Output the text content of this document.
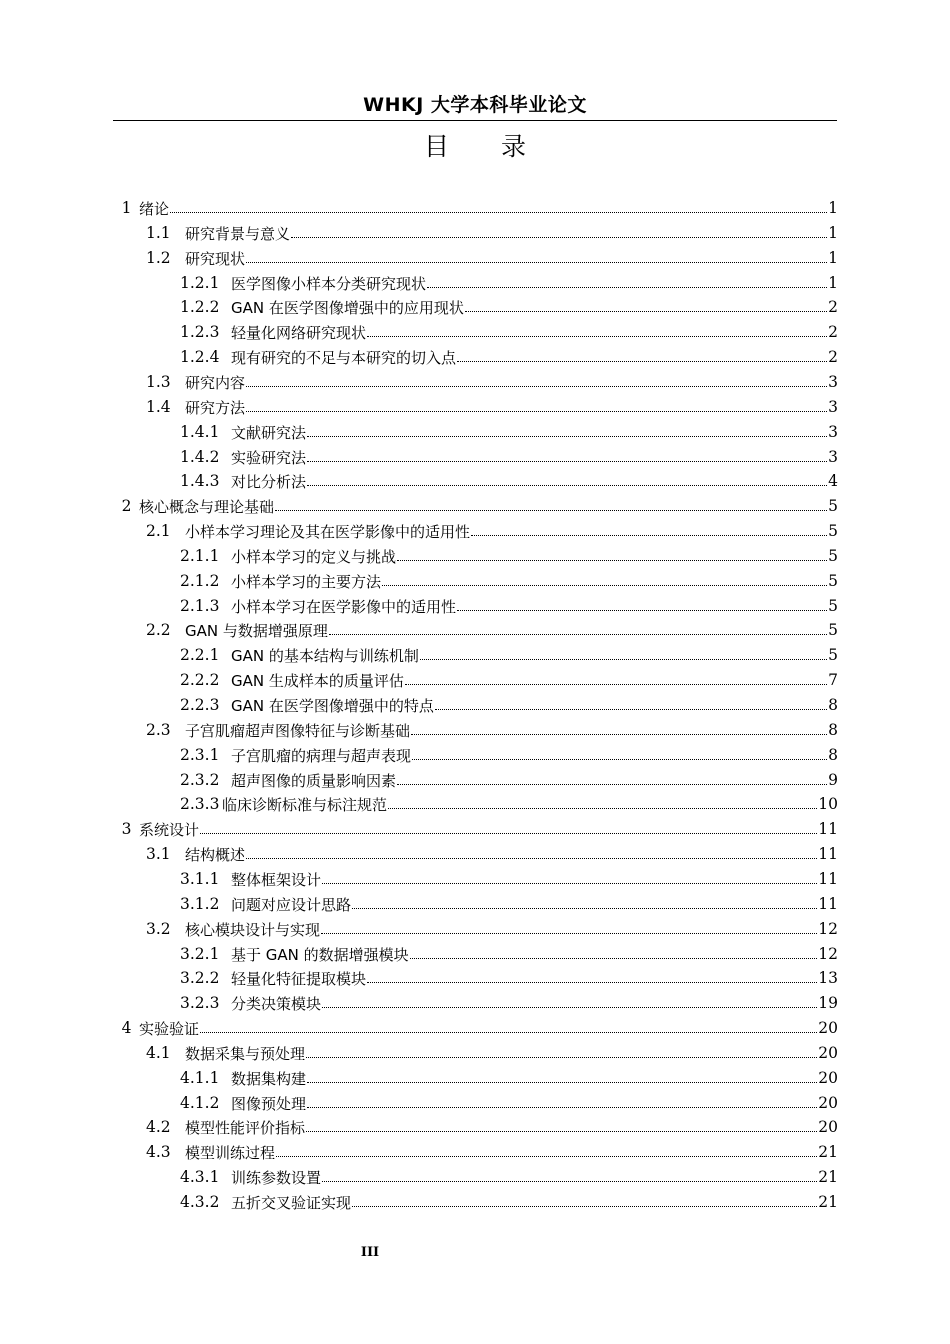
WHKJ 大学本科毕业论文
目 录
1 绪论	1
1.1 研究背景与意义	1
1.2 研究现状	1
1.2.1 医学图像小样本分类研究现状	1
1.2.2 GAN 在医学图像增强中的应用现状	2
1.2.3 轻量化网络研究现状	2
1.2.4 现有研究的不足与本研究的切入点	2
1.3 研究内容	3
1.4 研究方法	3
1.4.1 文献研究法	3
1.4.2 实验研究法	3
1.4.3 对比分析法	4
2 核心概念与理论基础	5
2.1 小样本学习理论及其在医学影像中的适用性	5
2.1.1 小样本学习的定义与挑战	5
2.1.2 小样本学习的主要方法	5
2.1.3 小样本学习在医学影像中的适用性	5
2.2 GAN 与数据增强原理	5
2.2.1 GAN 的基本结构与训练机制	5
2.2.2 GAN 生成样本的质量评估	7
2.2.3 GAN 在医学图像增强中的特点	8
2.3 子宫肌瘤超声图像特征与诊断基础	8
2.3.1 子宫肌瘤的病理与超声表现	8
2.3.2 超声图像的质量影响因素	9
2.3.3 临床诊断标准与标注规范	10
3 系统设计	11
3.1 结构概述	11
3.1.1 整体框架设计	11
3.1.2 问题对应设计思路	11
3.2 核心模块设计与实现	12
3.2.1 基于 GAN 的数据增强模块	12
3.2.2 轻量化特征提取模块	13
3.2.3 分类决策模块	19
4 实验验证	20
4.1 数据采集与预处理	20
4.1.1 数据集构建	20
4.1.2 图像预处理	20
4.2 模型性能评价指标	20
4.3 模型训练过程	21
4.3.1 训练参数设置	21
4.3.2 五折交叉验证实现	21
III
